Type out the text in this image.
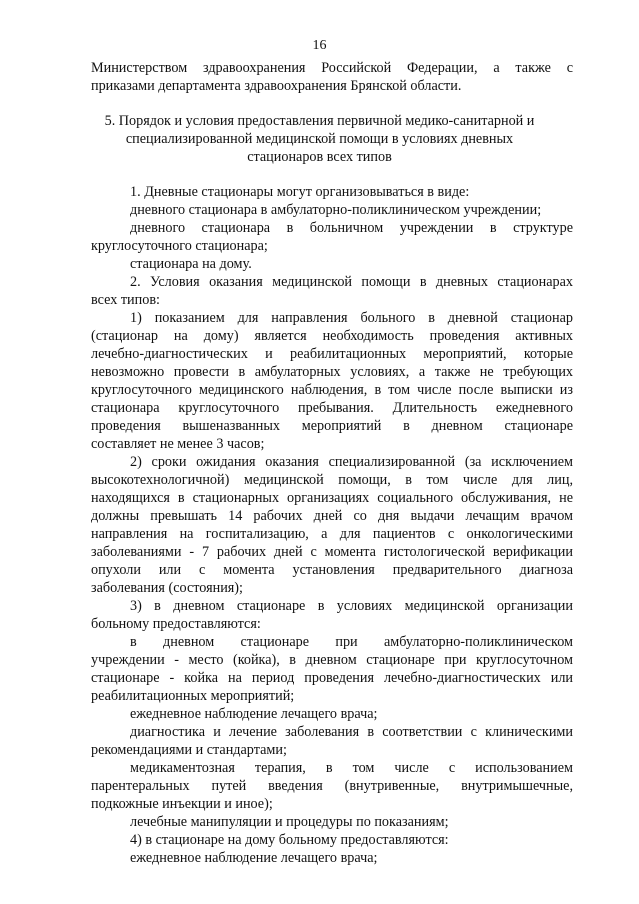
16
Министерством здравоохранения Российской Федерации, а также с
приказами департамента здравоохранения Брянской области.
5. Порядок и условия предоставления первичной медико-санитарной и
специализированной медицинской помощи в условиях дневных
стационаров всех типов
1. Дневные стационары могут организовываться в виде:
дневного стационара в амбулаторно-поликлиническом учреждении;
дневного стационара в больничном учреждении в структуре
круглосуточного стационара;
стационара на дому.
2. Условия оказания медицинской помощи в дневных стационарах
всех типов:
1) показанием для направления больного в дневной стационар
(стационар на дому) является необходимость проведения активных
лечебно-диагностических и реабилитационных мероприятий, которые
невозможно провести в амбулаторных условиях, а также не требующих
круглосуточного медицинского наблюдения, в том числе после выписки из
стационара круглосуточного пребывания. Длительность ежедневного
проведения вышеназванных мероприятий в дневном стационаре
составляет не менее 3 часов;
2) сроки ожидания оказания специализированной (за исключением
высокотехнологичной) медицинской помощи, в том числе для лиц,
находящихся в стационарных организациях социального обслуживания, не
должны превышать 14 рабочих дней со дня выдачи лечащим врачом
направления на госпитализацию, а для пациентов с онкологическими
заболеваниями - 7 рабочих дней с момента гистологической верификации
опухоли или с момента установления предварительного диагноза
заболевания (состояния);
3) в дневном стационаре в условиях медицинской организации
больному предоставляются:
в дневном стационаре при амбулаторно-поликлиническом
учреждении - место (койка), в дневном стационаре при круглосуточном
стационаре - койка на период проведения лечебно-диагностических или
реабилитационных мероприятий;
ежедневное наблюдение лечащего врача;
диагностика и лечение заболевания в соответствии с клиническими
рекомендациями и стандартами;
медикаментозная терапия, в том числе с использованием
парентеральных путей введения (внутривенные, внутримышечные,
подкожные инъекции и иное);
лечебные манипуляции и процедуры по показаниям;
4) в стационаре на дому больному предоставляются:
ежедневное наблюдение лечащего врача;
